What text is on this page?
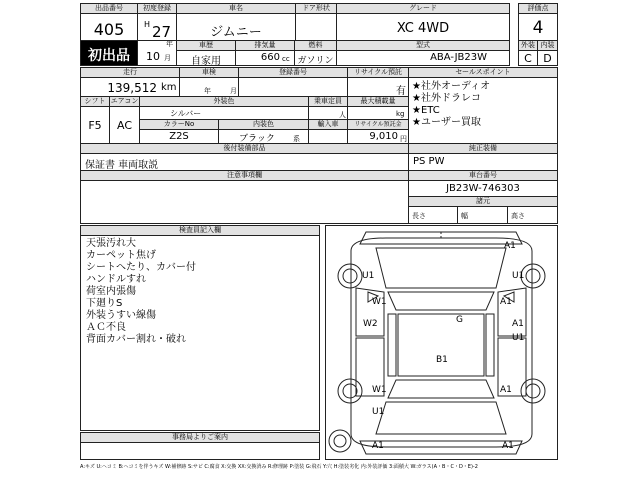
出品番号
405
初出品
初度登録
H 27
年
10 月
車名
ジムニー
ドア形状	グレード
XC 4WD
評価点
4
車歴
自家用
排気量
660 cc
燃料
ガソリン
型式
ABA-JB23W
外装
C
内装
D
走行
139,512 km
車検
年	月
登録番号	リサイクル預託
有
シフト
F5
エアコン
AC
外装色
シルバー
乗車定員
人
最大積載量
kg
カラーNo
Z2S
内装色
ブラック	系
輸入車	リサイクル預託金
9,010 円
後付装備部品
保証書 車両取説
セールスポイント
★社外オーディオ
★社外ドラレコ
★ETC
★ユーザー買取
純正装備
PS PW
注意事項欄	車台番号
JB23W-746303
諸元
長さ	幅	高さ
検査員記入欄
天張汚れ大
カーペット焦げ
シートへたり、カバー付
ハンドルすれ
荷室内張傷
下廻りS
外装うすい線傷
ＡＣ不良
背面カバー割れ・破れ
事務局よりご案内
A1
U1	U1
W1	A1
W2	G	A1
U1
B1
W1	A1
U1
A1	A1
A:キズ U:ヘコミ B:ヘコミを伴うキズ W:補修跡 S:サビ C:腐食 X:交換 XX:交換済み R:修理跡 P:塗装 G:飛石 Y:穴 H:塗装劣化 内:外装評価 3:面積大 W:ガラス(A・B・C・D・E)-2
